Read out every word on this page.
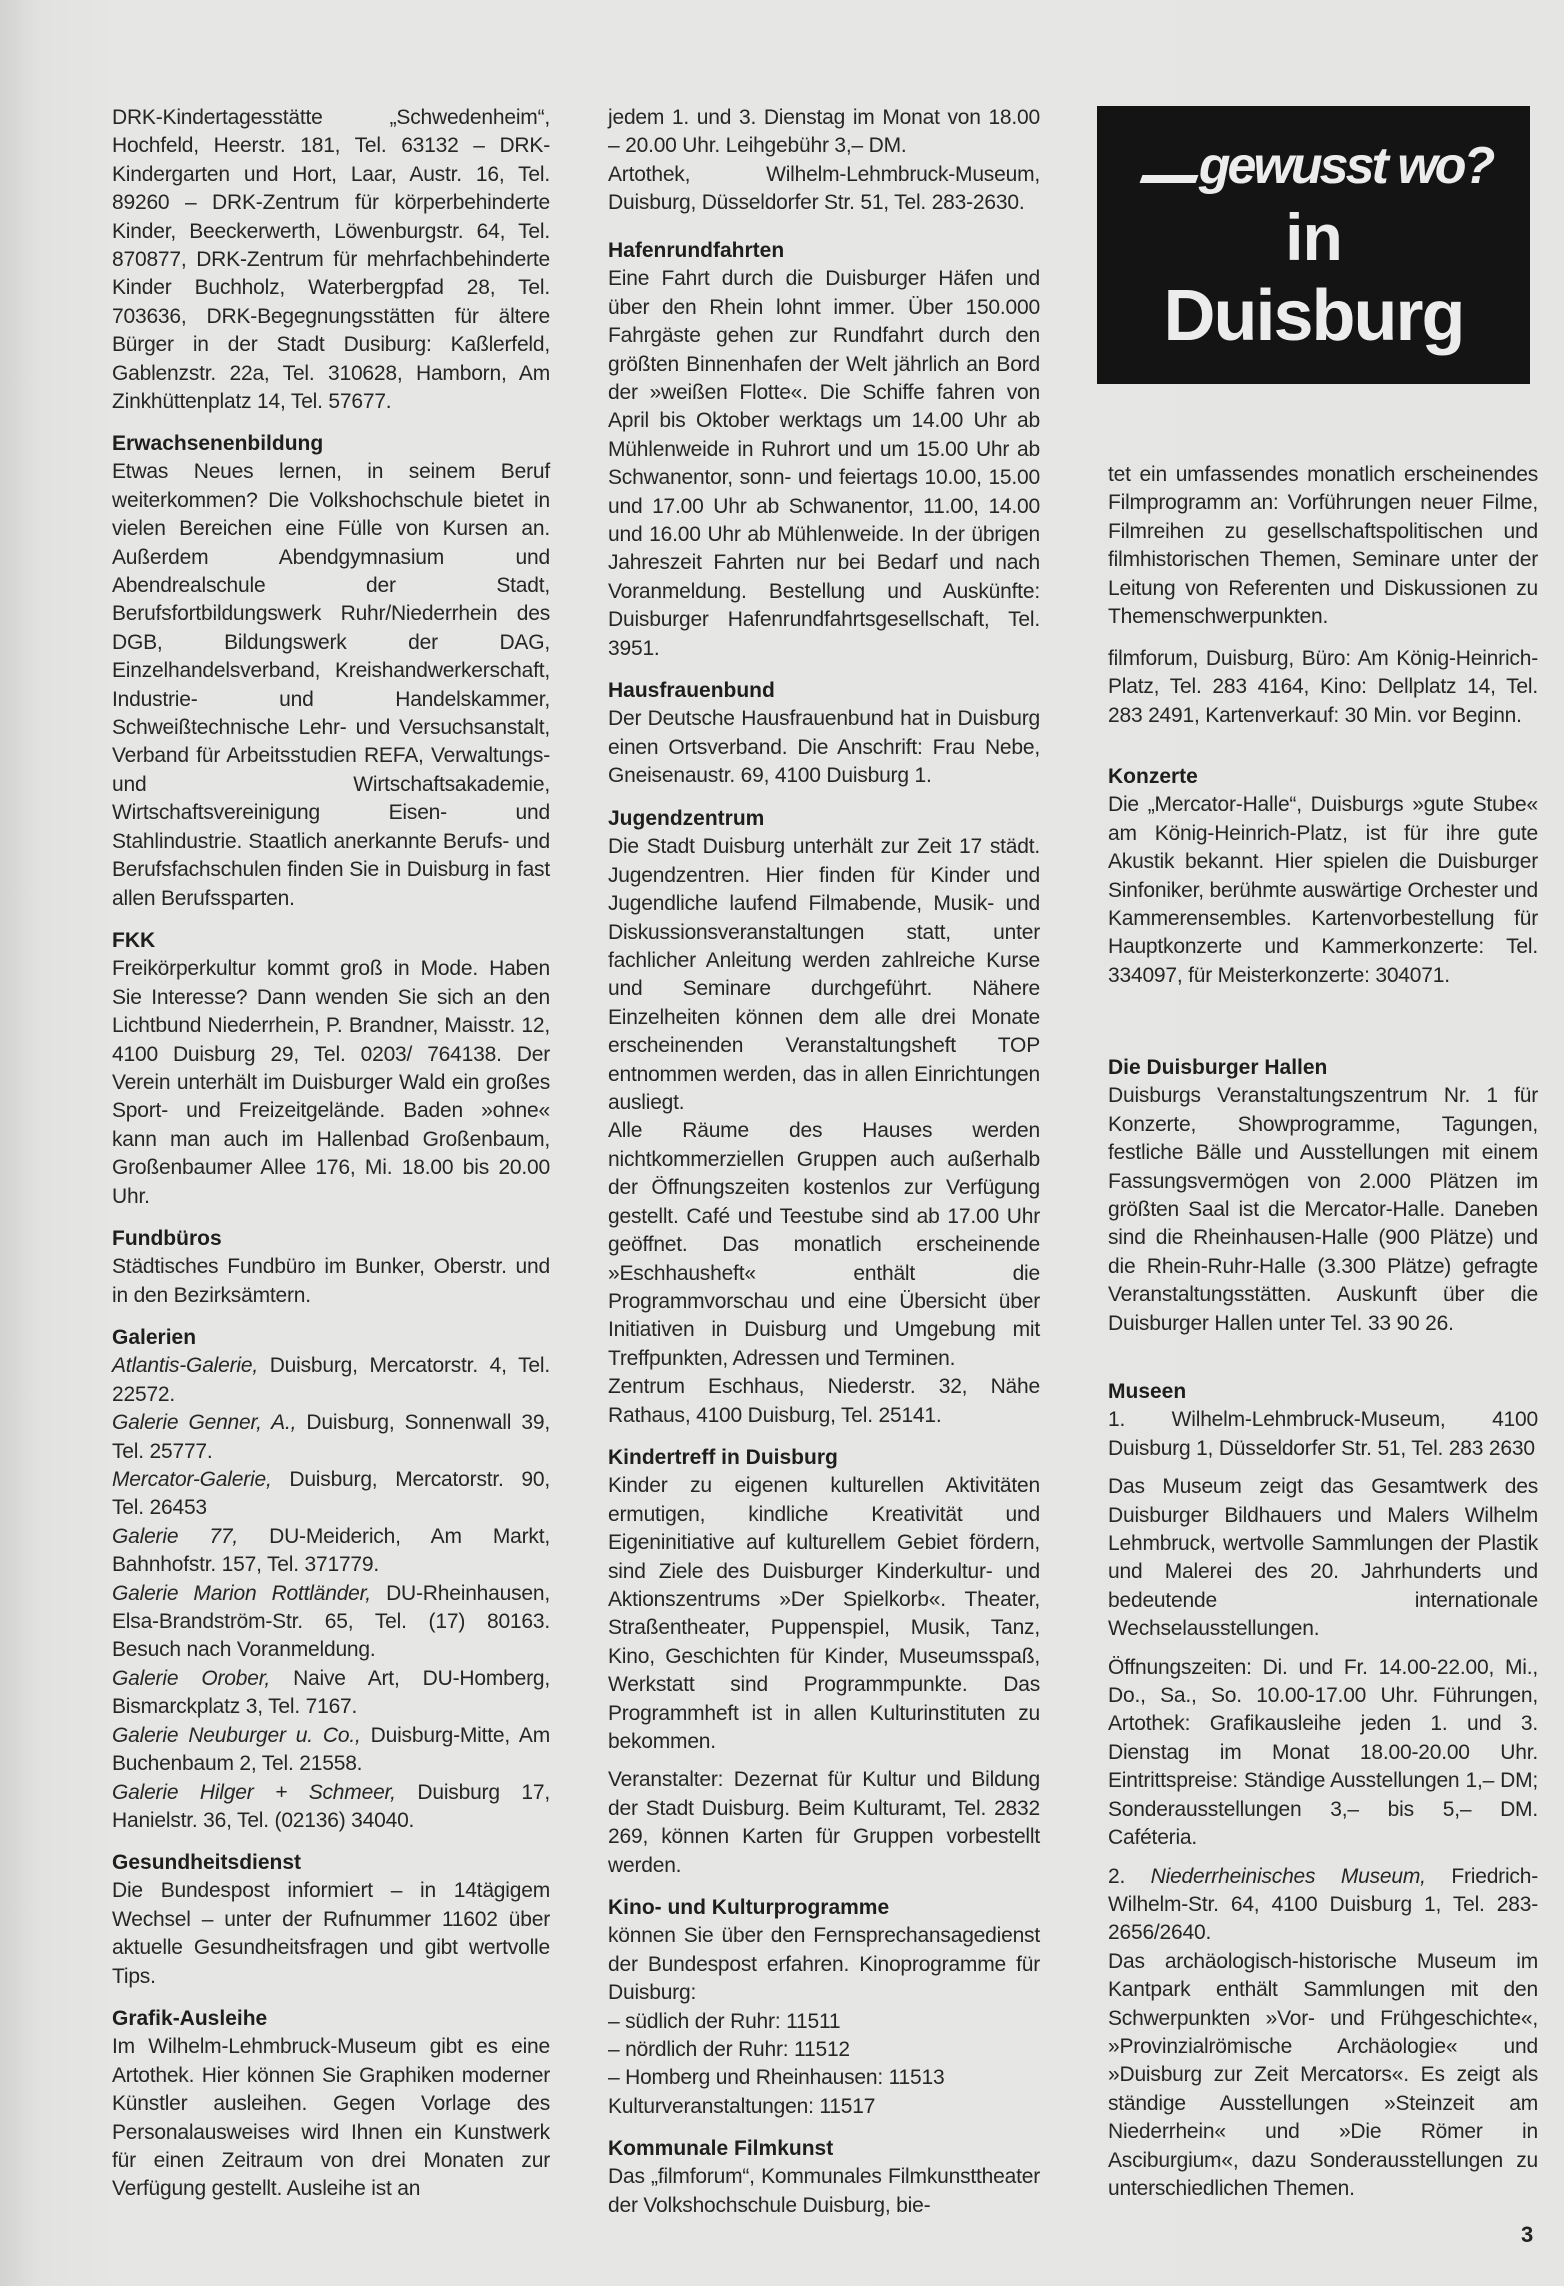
gewusst wo?
in
Duisburg

DRK-Kindertagesstätte „Schwedenheim“, Hochfeld, Heerstr. 181, Tel. 63132 – DRK-Kindergarten und Hort, Laar, Austr. 16, Tel. 89260 – DRK-Zentrum für körperbehinderte Kinder, Beeckerwerth, Löwenburgstr. 64, Tel. 870877, DRK-Zentrum für mehrfachbehinderte Kinder Buchholz, Waterbergpfad 28, Tel. 703636, DRK-Begegnungsstätten für ältere Bürger in der Stadt Dusiburg: Kaßlerfeld, Gablenzstr. 22a, Tel. 310628, Hamborn, Am Zinkhüttenplatz 14, Tel. 57677.

Erwachsenenbildung

Etwas Neues lernen, in seinem Beruf weiterkommen? Die Volkshochschule bietet in vielen Bereichen eine Fülle von Kursen an. Außerdem Abendgymnasium und Abendrealschule der Stadt, Berufsfortbildungswerk Ruhr/Niederrhein des DGB, Bildungswerk der DAG, Einzelhandelsverband, Kreishandwerkerschaft, Industrie- und Handelskammer, Schweißtechnische Lehr- und Versuchsanstalt, Verband für Arbeitsstudien REFA, Verwaltungs- und Wirtschaftsakademie, Wirtschaftsvereinigung Eisen- und Stahlindustrie. Staatlich anerkannte Berufs- und Berufsfachschulen finden Sie in Duisburg in fast allen Berufssparten.

FKK

Freikörperkultur kommt groß in Mode. Haben Sie Interesse? Dann wenden Sie sich an den Lichtbund Niederrhein, P. Brandner, Maisstr. 12, 4100 Duisburg 29, Tel. 0203/ 764138. Der Verein unterhält im Duisburger Wald ein großes Sport- und Freizeitgelände. Baden »ohne« kann man auch im Hallenbad Großenbaum, Großenbaumer Allee 176, Mi. 18.00 bis 20.00 Uhr.

Fundbüros

Städtisches Fundbüro im Bunker, Oberstr. und in den Bezirksämtern.

Galerien

Atlantis-Galerie, Duisburg, Mercatorstr. 4, Tel. 22572.

Galerie Genner, A., Duisburg, Sonnenwall 39, Tel. 25777.

Mercator-Galerie, Duisburg, Mercatorstr. 90, Tel. 26453

Galerie 77, DU-Meiderich, Am Markt, Bahnhofstr. 157, Tel. 371779.

Galerie Marion Rottländer, DU-Rheinhausen, Elsa-Brandström-Str. 65, Tel. (17) 80163. Besuch nach Voranmeldung.

Galerie Orober, Naive Art, DU-Homberg, Bismarckplatz 3, Tel. 7167.

Galerie Neuburger u. Co., Duisburg-Mitte, Am Buchenbaum 2, Tel. 21558.

Galerie Hilger + Schmeer, Duisburg 17, Hanielstr. 36, Tel. (02136) 34040.

Gesundheitsdienst

Die Bundespost informiert – in 14tägigem Wechsel – unter der Rufnummer 11602 über aktuelle Gesundheitsfragen und gibt wertvolle Tips.

Grafik-Ausleihe

Im Wilhelm-Lehmbruck-Museum gibt es eine Artothek. Hier können Sie Graphiken moderner Künstler ausleihen. Gegen Vorlage des Personalausweises wird Ihnen ein Kunstwerk für einen Zeitraum von drei Monaten zur Verfügung gestellt. Ausleihe ist an

jedem 1. und 3. Dienstag im Monat von 18.00 – 20.00 Uhr. Leihgebühr 3,– DM.

Artothek, Wilhelm-Lehmbruck-Museum, Duisburg, Düsseldorfer Str. 51, Tel. 283-2630.

Hafenrundfahrten

Eine Fahrt durch die Duisburger Häfen und über den Rhein lohnt immer. Über 150.000 Fahrgäste gehen zur Rundfahrt durch den größten Binnenhafen der Welt jährlich an Bord der »weißen Flotte«. Die Schiffe fahren von April bis Oktober werktags um 14.00 Uhr ab Mühlenweide in Ruhrort und um 15.00 Uhr ab Schwanentor, sonn- und feiertags 10.00, 15.00 und 17.00 Uhr ab Schwanentor, 11.00, 14.00 und 16.00 Uhr ab Mühlenweide. In der übrigen Jahreszeit Fahrten nur bei Bedarf und nach Voranmeldung. Bestellung und Auskünfte: Duisburger Hafenrundfahrtsgesellschaft, Tel. 3951.

Hausfrauenbund

Der Deutsche Hausfrauenbund hat in Duisburg einen Ortsverband. Die Anschrift: Frau Nebe, Gneisenaustr. 69, 4100 Duisburg 1.

Jugendzentrum

Die Stadt Duisburg unterhält zur Zeit 17 städt. Jugendzentren. Hier finden für Kinder und Jugendliche laufend Filmabende, Musik- und Diskussionsveranstaltungen statt, unter fachlicher Anleitung werden zahlreiche Kurse und Seminare durchgeführt. Nähere Einzelheiten können dem alle drei Monate erscheinenden Veranstaltungsheft TOP entnommen werden, das in allen Einrichtungen ausliegt.

Alle Räume des Hauses werden nichtkommerziellen Gruppen auch außerhalb der Öffnungszeiten kostenlos zur Verfügung gestellt. Café und Teestube sind ab 17.00 Uhr geöffnet. Das monatlich erscheinende »Eschhausheft« enthält die Programmvorschau und eine Übersicht über Initiativen in Duisburg und Umgebung mit Treffpunkten, Adressen und Terminen.

Zentrum Eschhaus, Niederstr. 32, Nähe Rathaus, 4100 Duisburg, Tel. 25141.

Kindertreff in Duisburg

Kinder zu eigenen kulturellen Aktivitäten ermutigen, kindliche Kreativität und Eigeninitiative auf kulturellem Gebiet fördern, sind Ziele des Duisburger Kinderkultur- und Aktionszentrums »Der Spielkorb«. Theater, Straßentheater, Puppenspiel, Musik, Tanz, Kino, Geschichten für Kinder, Museumsspaß, Werkstatt sind Programmpunkte. Das Programmheft ist in allen Kulturinstituten zu bekommen.

Veranstalter: Dezernat für Kultur und Bildung der Stadt Duisburg. Beim Kulturamt, Tel. 2832 269, können Karten für Gruppen vorbestellt werden.

Kino- und Kulturprogramme

können Sie über den Fernsprechansagedienst der Bundespost erfahren. Kinoprogramme für Duisburg:

– südlich der Ruhr: 11511

– nördlich der Ruhr: 11512

– Homberg und Rheinhausen: 11513

Kulturveranstaltungen: 11517

Kommunale Filmkunst

Das „filmforum“, Kommunales Filmkunsttheater der Volkshochschule Duisburg, bie-

tet ein umfassendes monatlich erscheinendes Filmprogramm an: Vorführungen neuer Filme, Filmreihen zu gesellschaftspolitischen und filmhistorischen Themen, Seminare unter der Leitung von Referenten und Diskussionen zu Themenschwerpunkten.

filmforum, Duisburg, Büro: Am König-Heinrich-Platz, Tel. 283 4164, Kino: Dellplatz 14, Tel. 283 2491, Kartenverkauf: 30 Min. vor Beginn.

Konzerte

Die „Mercator-Halle“, Duisburgs »gute Stube« am König-Heinrich-Platz, ist für ihre gute Akustik bekannt. Hier spielen die Duisburger Sinfoniker, berühmte auswärtige Orchester und Kammerensembles. Kartenvorbestellung für Hauptkonzerte und Kammerkonzerte: Tel. 334097, für Meisterkonzerte: 304071.

Die Duisburger Hallen

Duisburgs Veranstaltungszentrum Nr. 1 für Konzerte, Showprogramme, Tagungen, festliche Bälle und Ausstellungen mit einem Fassungsvermögen von 2.000 Plätzen im größten Saal ist die Mercator-Halle. Daneben sind die Rheinhausen-Halle (900 Plätze) und die Rhein-Ruhr-Halle (3.300 Plätze) gefragte Veranstaltungsstätten. Auskunft über die Duisburger Hallen unter Tel. 33 90 26.

Museen

1. Wilhelm-Lehmbruck-Museum, 4100 Duisburg 1, Düsseldorfer Str. 51, Tel. 283 2630

Das Museum zeigt das Gesamtwerk des Duisburger Bildhauers und Malers Wilhelm Lehmbruck, wertvolle Sammlungen der Plastik und Malerei des 20. Jahrhunderts und bedeutende internationale Wechselausstellungen.

Öffnungszeiten: Di. und Fr. 14.00-22.00, Mi., Do., Sa., So. 10.00-17.00 Uhr. Führungen, Artothek: Grafikausleihe jeden 1. und 3. Dienstag im Monat 18.00-20.00 Uhr. Eintrittspreise: Ständige Ausstellungen 1,– DM; Sonderausstellungen 3,– bis 5,– DM. Caféteria.

2. Niederrheinisches Museum, Friedrich-Wilhelm-Str. 64, 4100 Duisburg 1, Tel. 283-2656/2640.

Das archäologisch-historische Museum im Kantpark enthält Sammlungen mit den Schwerpunkten »Vor- und Frühgeschichte«, »Provinzialrömische Archäologie« und »Duisburg zur Zeit Mercators«. Es zeigt als ständige Ausstellungen »Steinzeit am Niederrhein« und »Die Römer in Asciburgium«, dazu Sonderausstellungen zu unterschiedlichen Themen.

3
